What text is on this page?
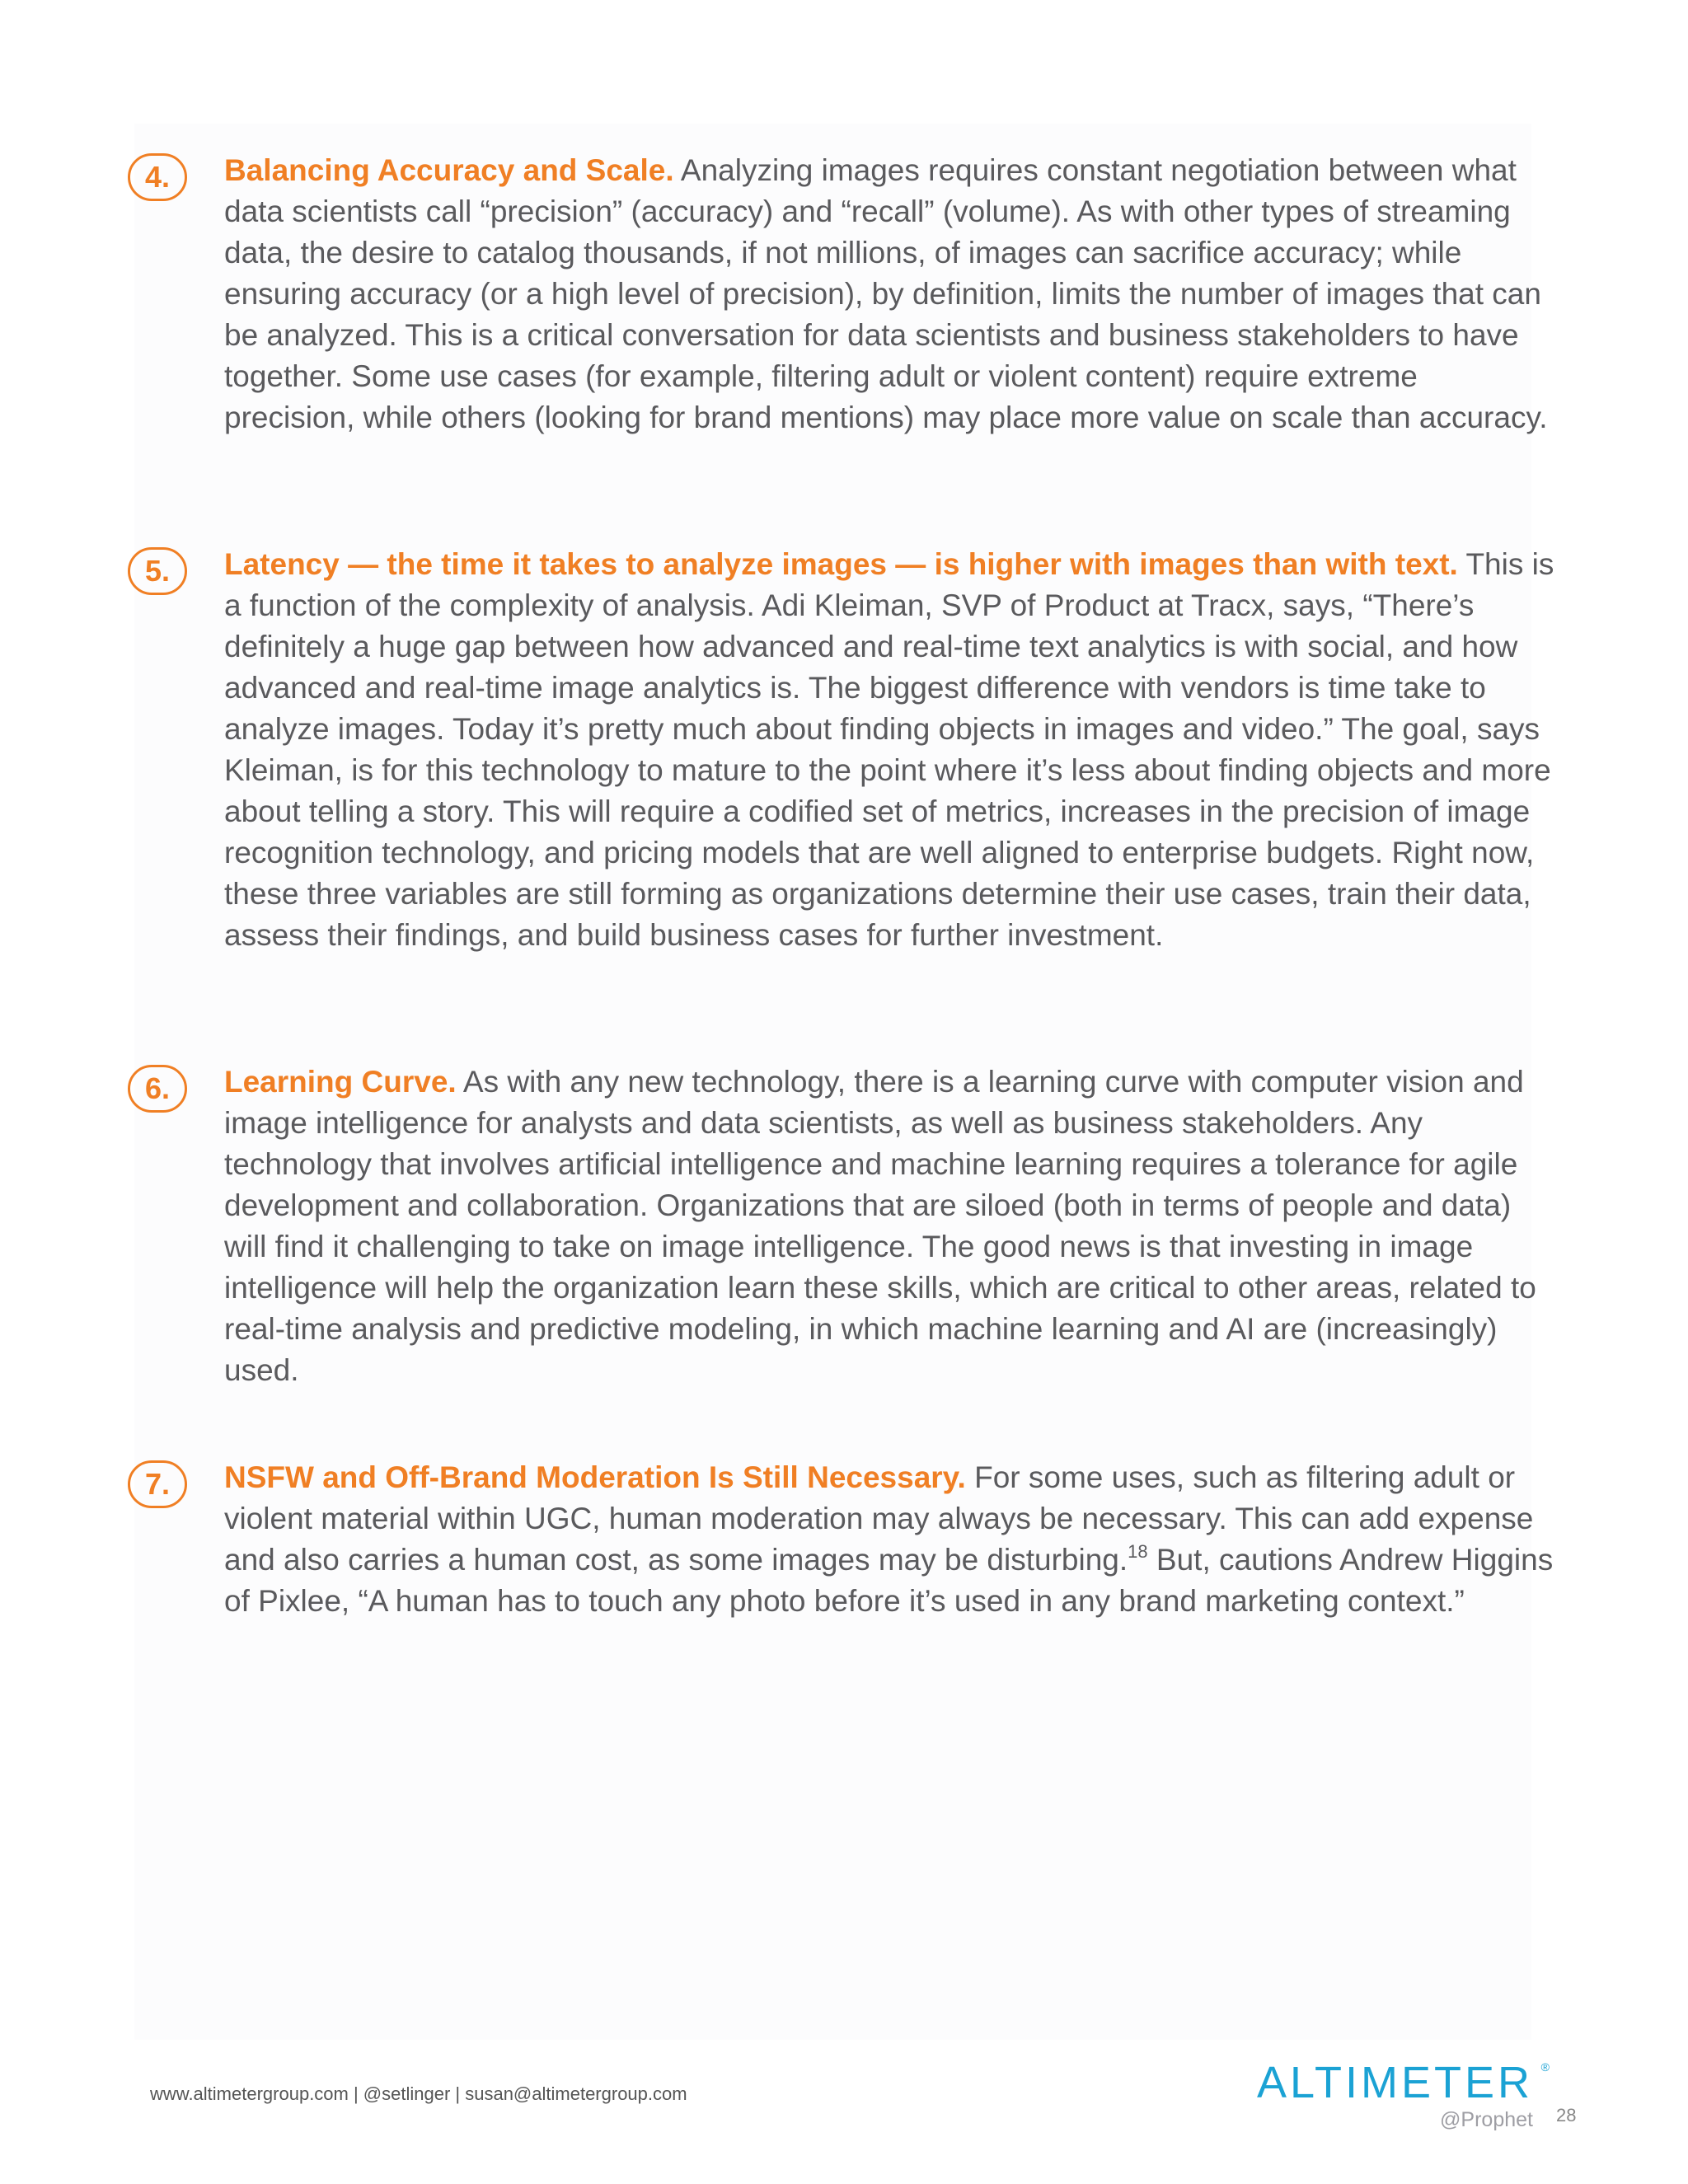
4.	Balancing Accuracy and Scale. Analyzing images requires constant negotiation between what data scientists call “precision” (accuracy) and “recall” (volume). As with other types of streaming data, the desire to catalog thousands, if not millions, of images can sacrifice accuracy; while ensuring accuracy (or a high level of precision), by definition, limits the number of images that can be analyzed. This is a critical conversation for data scientists and business stakeholders to have together. Some use cases (for example, filtering adult or violent content) require extreme precision, while others (looking for brand mentions) may place more value on scale than accuracy.

5.	Latency — the time it takes to analyze images — is higher with images than with text. This is a function of the complexity of analysis. Adi Kleiman, SVP of Product at Tracx, says, “There’s definitely a huge gap between how advanced and real-time text analytics is with social, and how advanced and real-time image analytics is. The biggest difference with vendors is time take to analyze images. Today it’s pretty much about finding objects in images and video.” The goal, says Kleiman, is for this technology to mature to the point where it’s less about finding objects and more about telling a story. This will require a codified set of metrics, increases in the precision of image recognition technology, and pricing models that are well aligned to enterprise budgets. Right now, these three variables are still forming as organizations determine their use cases, train their data, assess their findings, and build business cases for further investment.

6.	Learning Curve. As with any new technology, there is a learning curve with computer vision and image intelligence for analysts and data scientists, as well as business stakeholders. Any technology that involves artificial intelligence and machine learning requires a tolerance for agile development and collaboration. Organizations that are siloed (both in terms of people and data) will find it challenging to take on image intelligence. The good news is that investing in image intelligence will help the organization learn these skills, which are critical to other areas, related to real-time analysis and predictive modeling, in which machine learning and AI are (increasingly) used.

7.	NSFW and Off-Brand Moderation Is Still Necessary. For some uses, such as filtering adult or violent material within UGC, human moderation may always be necessary. This can add expense and also carries a human cost, as some images may be disturbing.$^{18}$ But, cautions Andrew Higgins of Pixlee, “A human has to touch any photo before it’s used in any brand marketing context.”

www.altimetergroup.com | @setlinger | susan@altimetergroup.com	ALTIMETER ®
@Prophet 28
